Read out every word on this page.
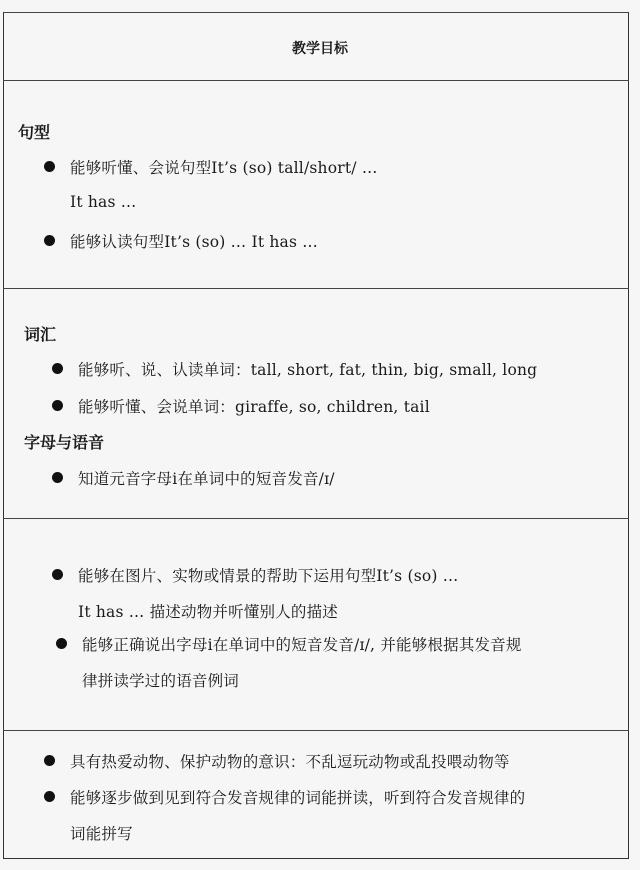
教学目标
句型
能够听懂、会说句型It’s (so) tall/short/ …
It has …
能够认读句型It’s (so) … It has …
词汇
能够听、说、认读单词：tall, short, fat, thin, big, small, long
能够听懂、会说单词：giraffe, so, children, tail
字母与语音
知道元音字母i在单词中的短音发音/ɪ/
能够在图片、实物或情景的帮助下运用句型It’s (so) …
It has … 描述动物并听懂别人的描述
能够正确说出字母i在单词中的短音发音/ɪ/, 并能够根据其发音规
律拼读学过的语音例词
具有热爱动物、保护动物的意识：不乱逗玩动物或乱投喂动物等
能够逐步做到见到符合发音规律的词能拼读，听到符合发音规律的
词能拼写
